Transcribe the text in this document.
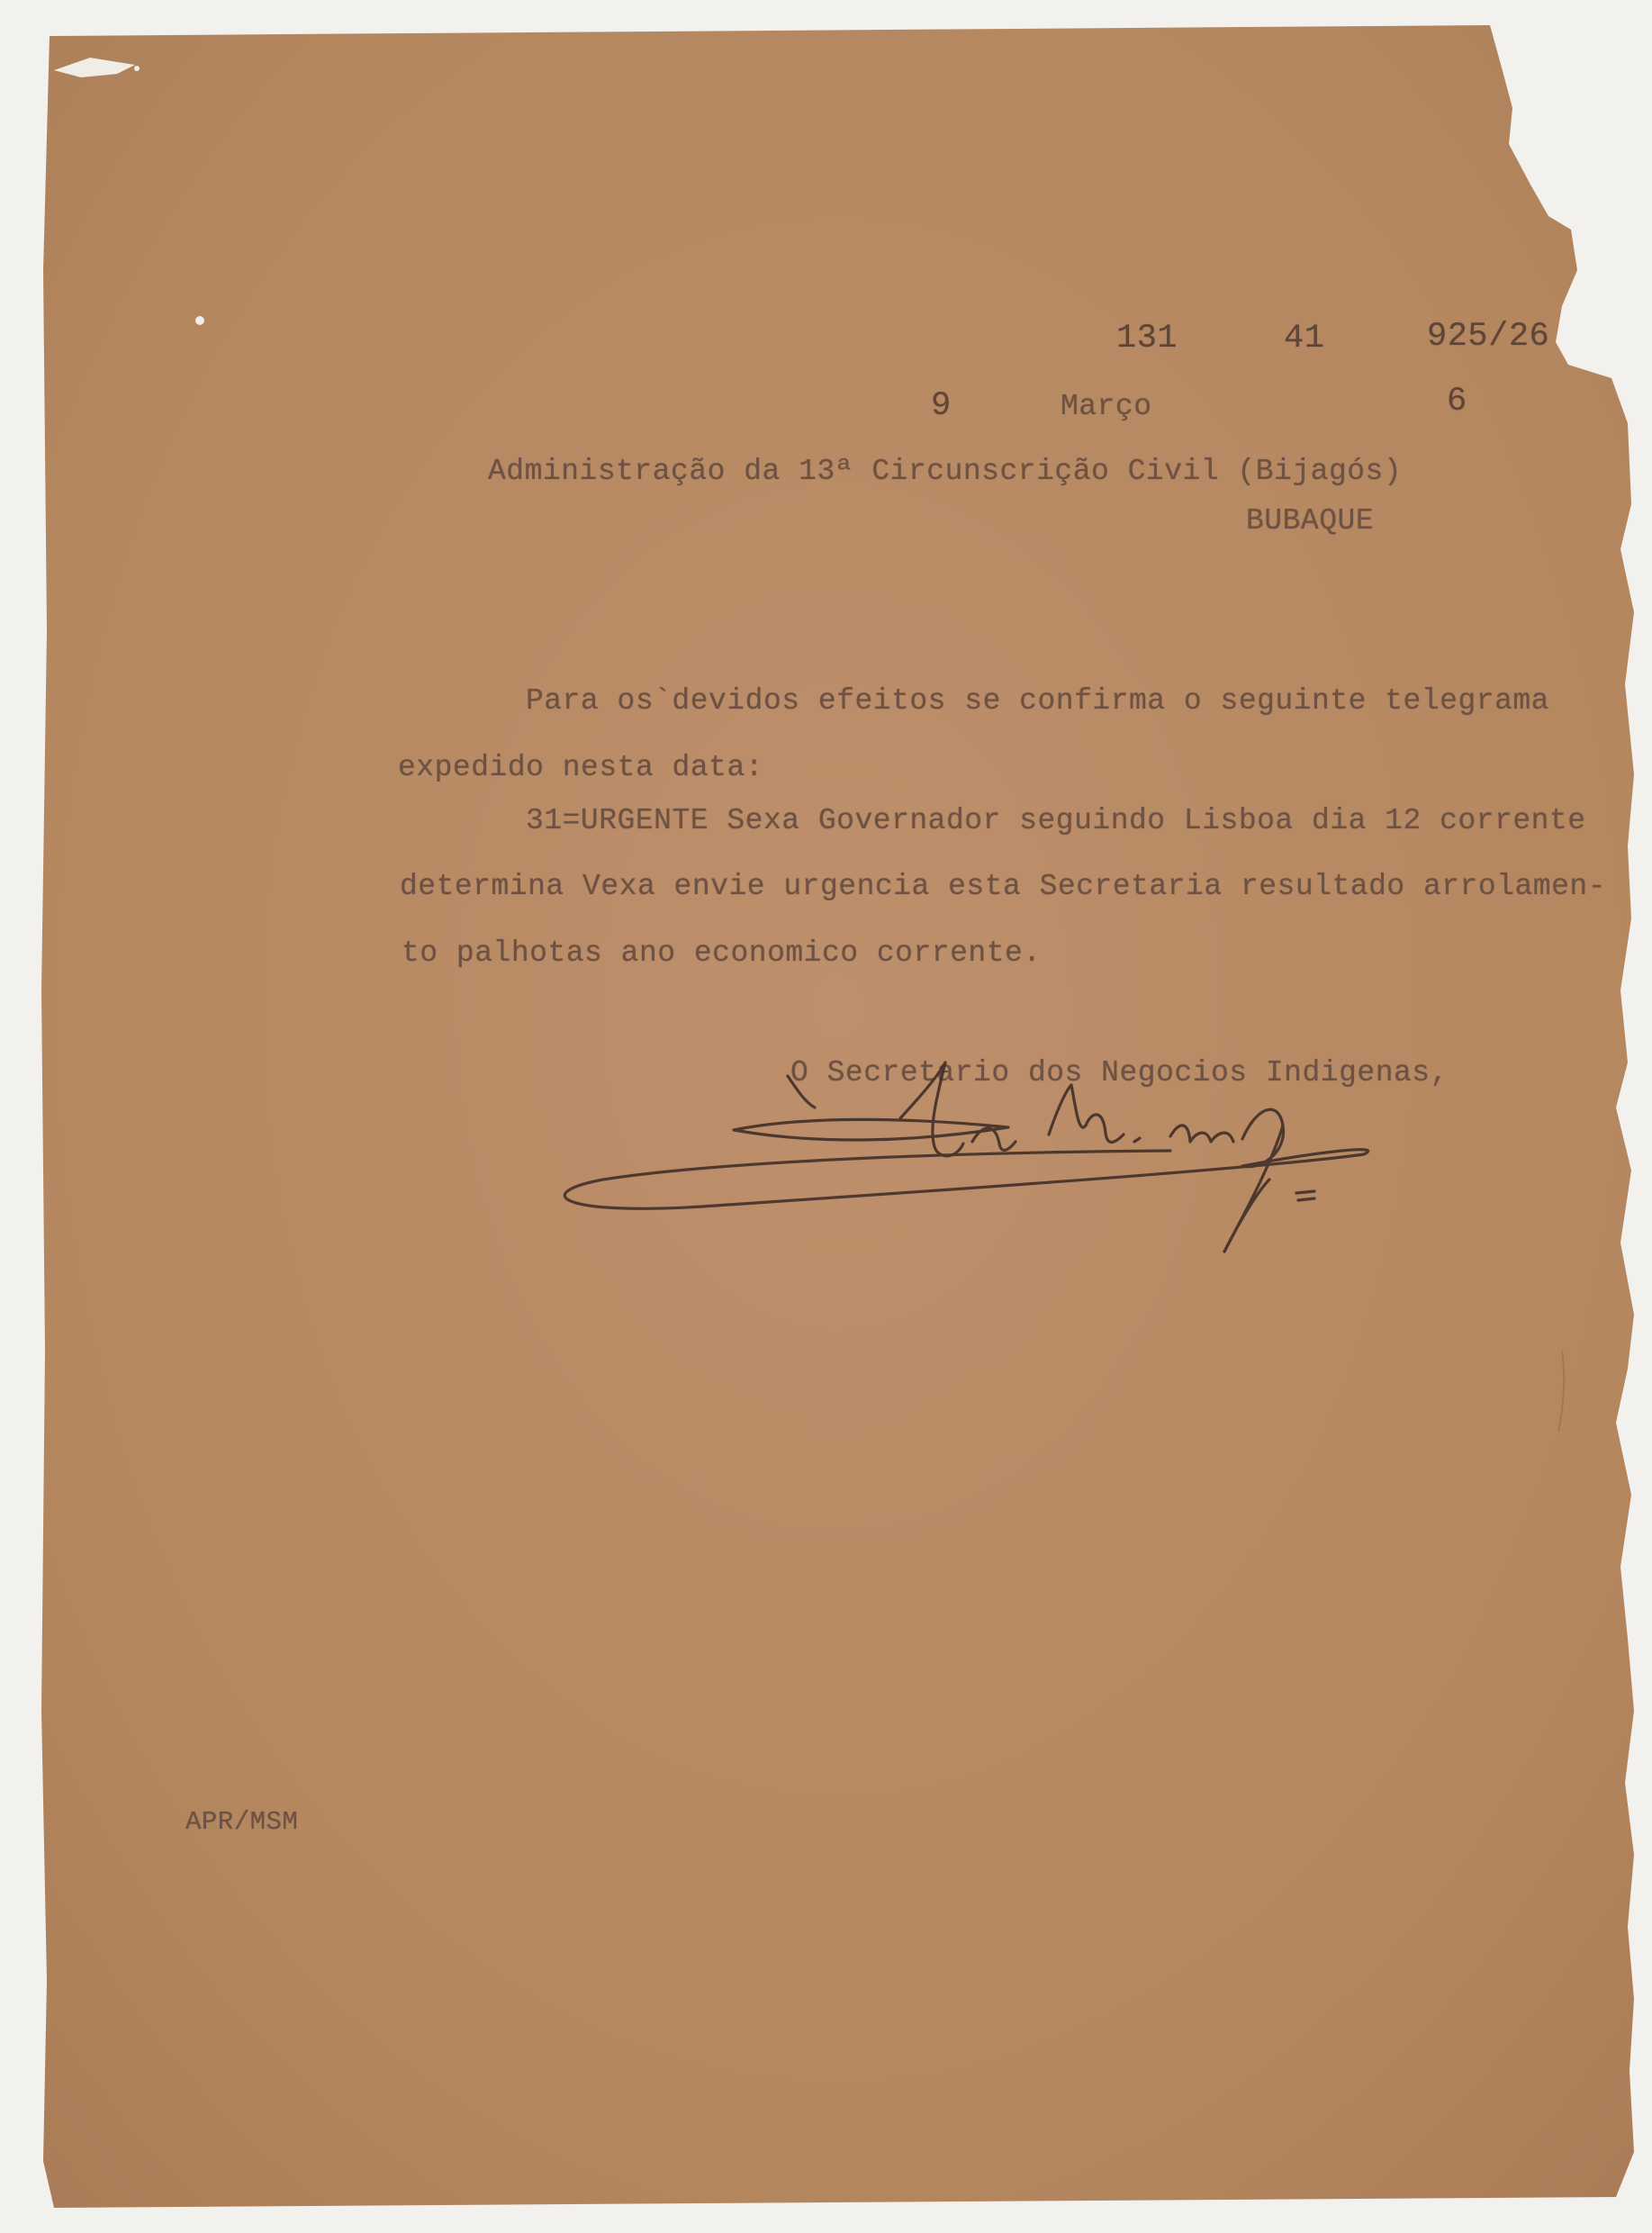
131	41	925/26
9	Março	6
Administração da 13ª Circunscrição Civil (Bijagós)
BUBAQUE
Para os`devidos efeitos se confirma o seguinte telegrama
expedido nesta data:
31=URGENTE Sexa Governador seguindo Lisboa dia 12 corrente
determina Vexa envie urgencia esta Secretaria resultado arrolamen-
to palhotas ano economico corrente.
O Secretario dos Negocios Indigenas,
APR/MSM
